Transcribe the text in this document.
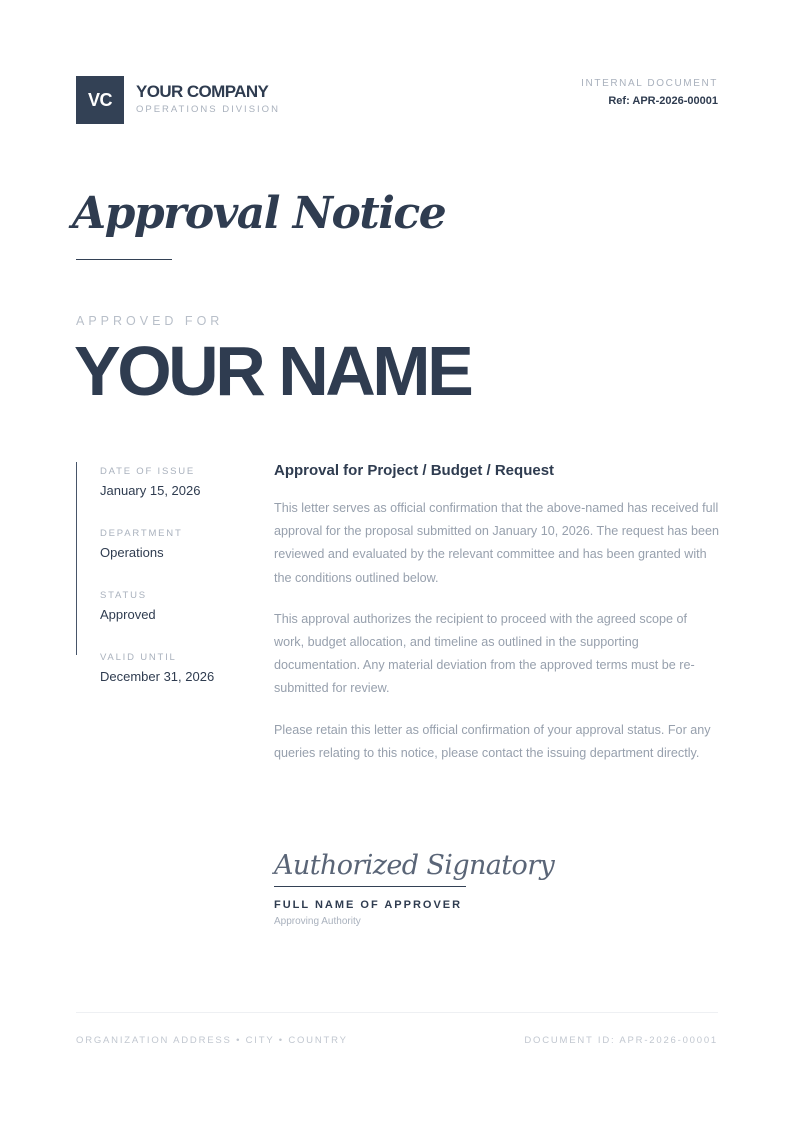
VC YOUR COMPANY
OPERATIONS DIVISION
INTERNAL DOCUMENT
Ref: APR-2026-00001
Approval Notice
APPROVED FOR
YOUR NAME
DATE OF ISSUE
January 15, 2026
DEPARTMENT
Operations
STATUS
Approved
VALID UNTIL
December 31, 2026
Approval for Project / Budget / Request

This letter serves as official confirmation that the above-named has received full approval for the proposal submitted on January 10, 2026. The request has been reviewed and evaluated by the relevant committee and has been granted with the conditions outlined below.

This approval authorizes the recipient to proceed with the agreed scope of work, budget allocation, and timeline as outlined in the supporting documentation. Any material deviation from the approved terms must be re-submitted for review.

Please retain this letter as official confirmation of your approval status. For any queries relating to this notice, please contact the issuing department directly.

Authorized Signatory
FULL NAME OF APPROVER
Approving Authority
ORGANIZATION ADDRESS • CITY • COUNTRY	DOCUMENT ID: APR-2026-00001
